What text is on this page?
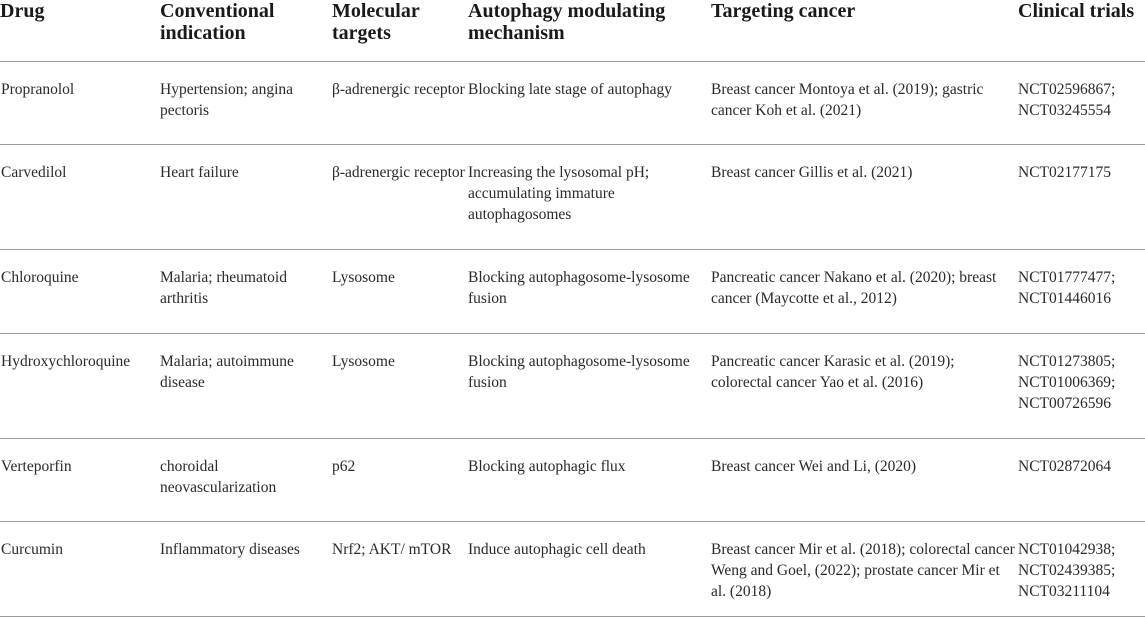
Drug	Conventional indication	Molecular targets	Autophagy modulating mechanism	Targeting cancer	Clinical trials
Propranolol	Hypertension; angina pectoris	β-adrenergic receptor	Blocking late stage of autophagy	Breast cancer Montoya et al. (2019); gastric cancer Koh et al. (2021)	NCT02596867; NCT03245554
Carvedilol	Heart failure	β-adrenergic receptor	Increasing the lysosomal pH; accumulating immature autophagosomes	Breast cancer Gillis et al. (2021)	NCT02177175
Chloroquine	Malaria; rheumatoid arthritis	Lysosome	Blocking autophagosome-lysosome fusion	Pancreatic cancer Nakano et al. (2020); breast cancer (Maycotte et al., 2012)	NCT01777477; NCT01446016
Hydroxychloroquine	Malaria; autoimmune disease	Lysosome	Blocking autophagosome-lysosome fusion	Pancreatic cancer Karasic et al. (2019); colorectal cancer Yao et al. (2016)	NCT01273805; NCT01006369; NCT00726596
Verteporfin	choroidal neovascularization	p62	Blocking autophagic flux	Breast cancer Wei and Li, (2020)	NCT02872064
Curcumin	Inflammatory diseases	Nrf2; AKT/ mTOR	Induce autophagic cell death	Breast cancer Mir et al. (2018); colorectal cancer Weng and Goel, (2022); prostate cancer Mir et al. (2018)	NCT01042938; NCT02439385; NCT03211104
